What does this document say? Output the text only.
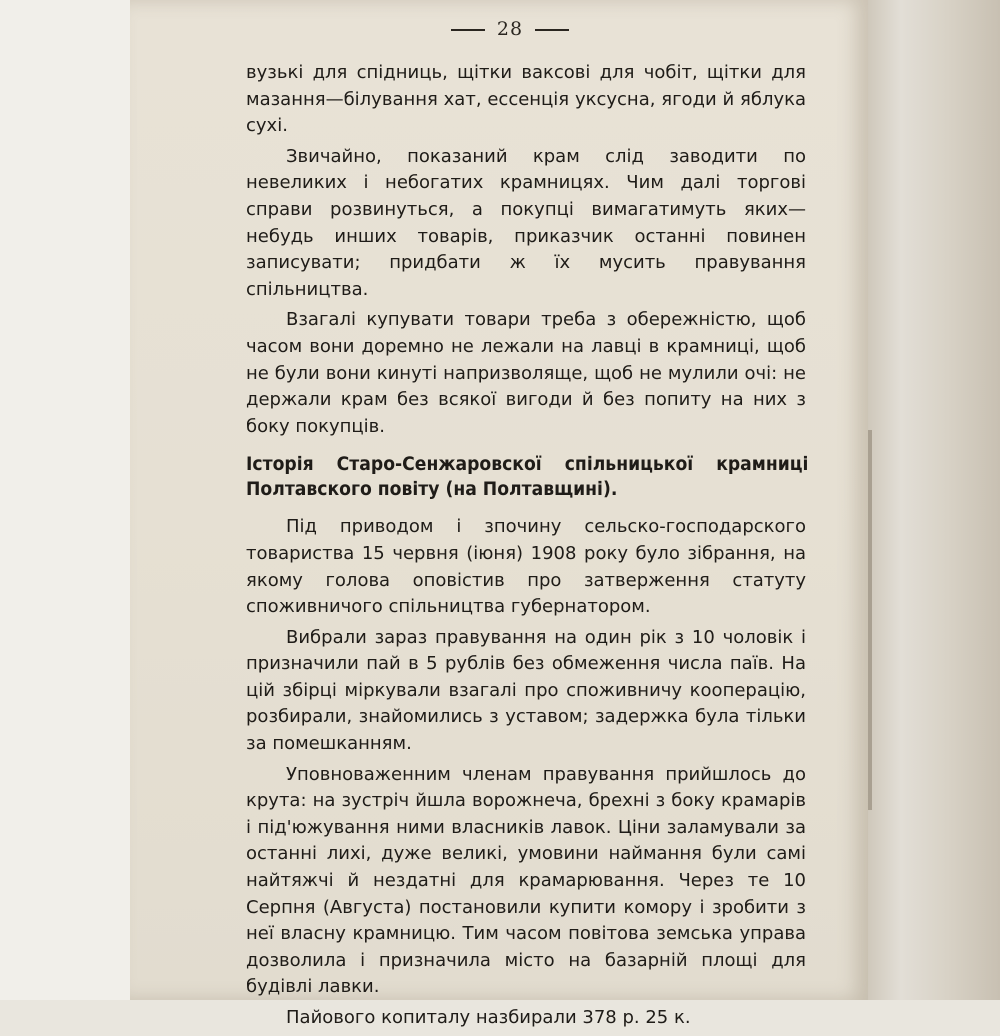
28

вузькі для спідниць, щітки ваксові для чобіт, щітки для мазання—білування хат, ессенція уксусна, ягоди й яблука сухі.

Звичайно, показаний крам слід заводити по невеликих і небогатих крамницях. Чим далі торгові справи розвинуться, а покупці вимагатимуть яких—небудь инших товарів, приказчик останні повинен записувати; придбати ж їх мусить правування спільництва.

Взагалі купувати товари треба з обережністю, щоб часом вони доремно не лежали на лавці в крамниці, щоб не були вони кинуті напризволяще, щоб не мулили очі: не держали крам без всякої вигоди й без попиту на них з боку покупців.

Історія Старо-Сенжаровскої спільницької крамниці Полтавского повіту (на Полтавщині).

Під приводом і зпочину сельско-господарского товариства 15 червня (іюня) 1908 року було зібрання, на якому голова оповістив про затверження статуту споживничого спільництва губернатором.

Вибрали зараз правування на один рік з 10 чоловік і призначили пай в 5 рублів без обмеження числа паїв. На цій збірці міркували взагалі про споживничу кооперацію, розбирали, знайомились з уставом; задержка була тільки за помешканням.

Уповноваженним членам правування прийшлось до крута: на зустріч йшла ворожнеча, брехні з боку крамарів і під'южування ними власників лавок. Ціни заламували за останні лихі, дуже великі, умовини наймання були самі найтяжчі й нездатні для крамарювання. Через те 10 Серпня (Августа) постановили купити комору і зробити з неї власну крамницю. Тим часом повітова земська управа дозволила і призначила місто на базарній площі для будівлі лавки.

Пайового копиталу назбирали 378 р. 25 к.
